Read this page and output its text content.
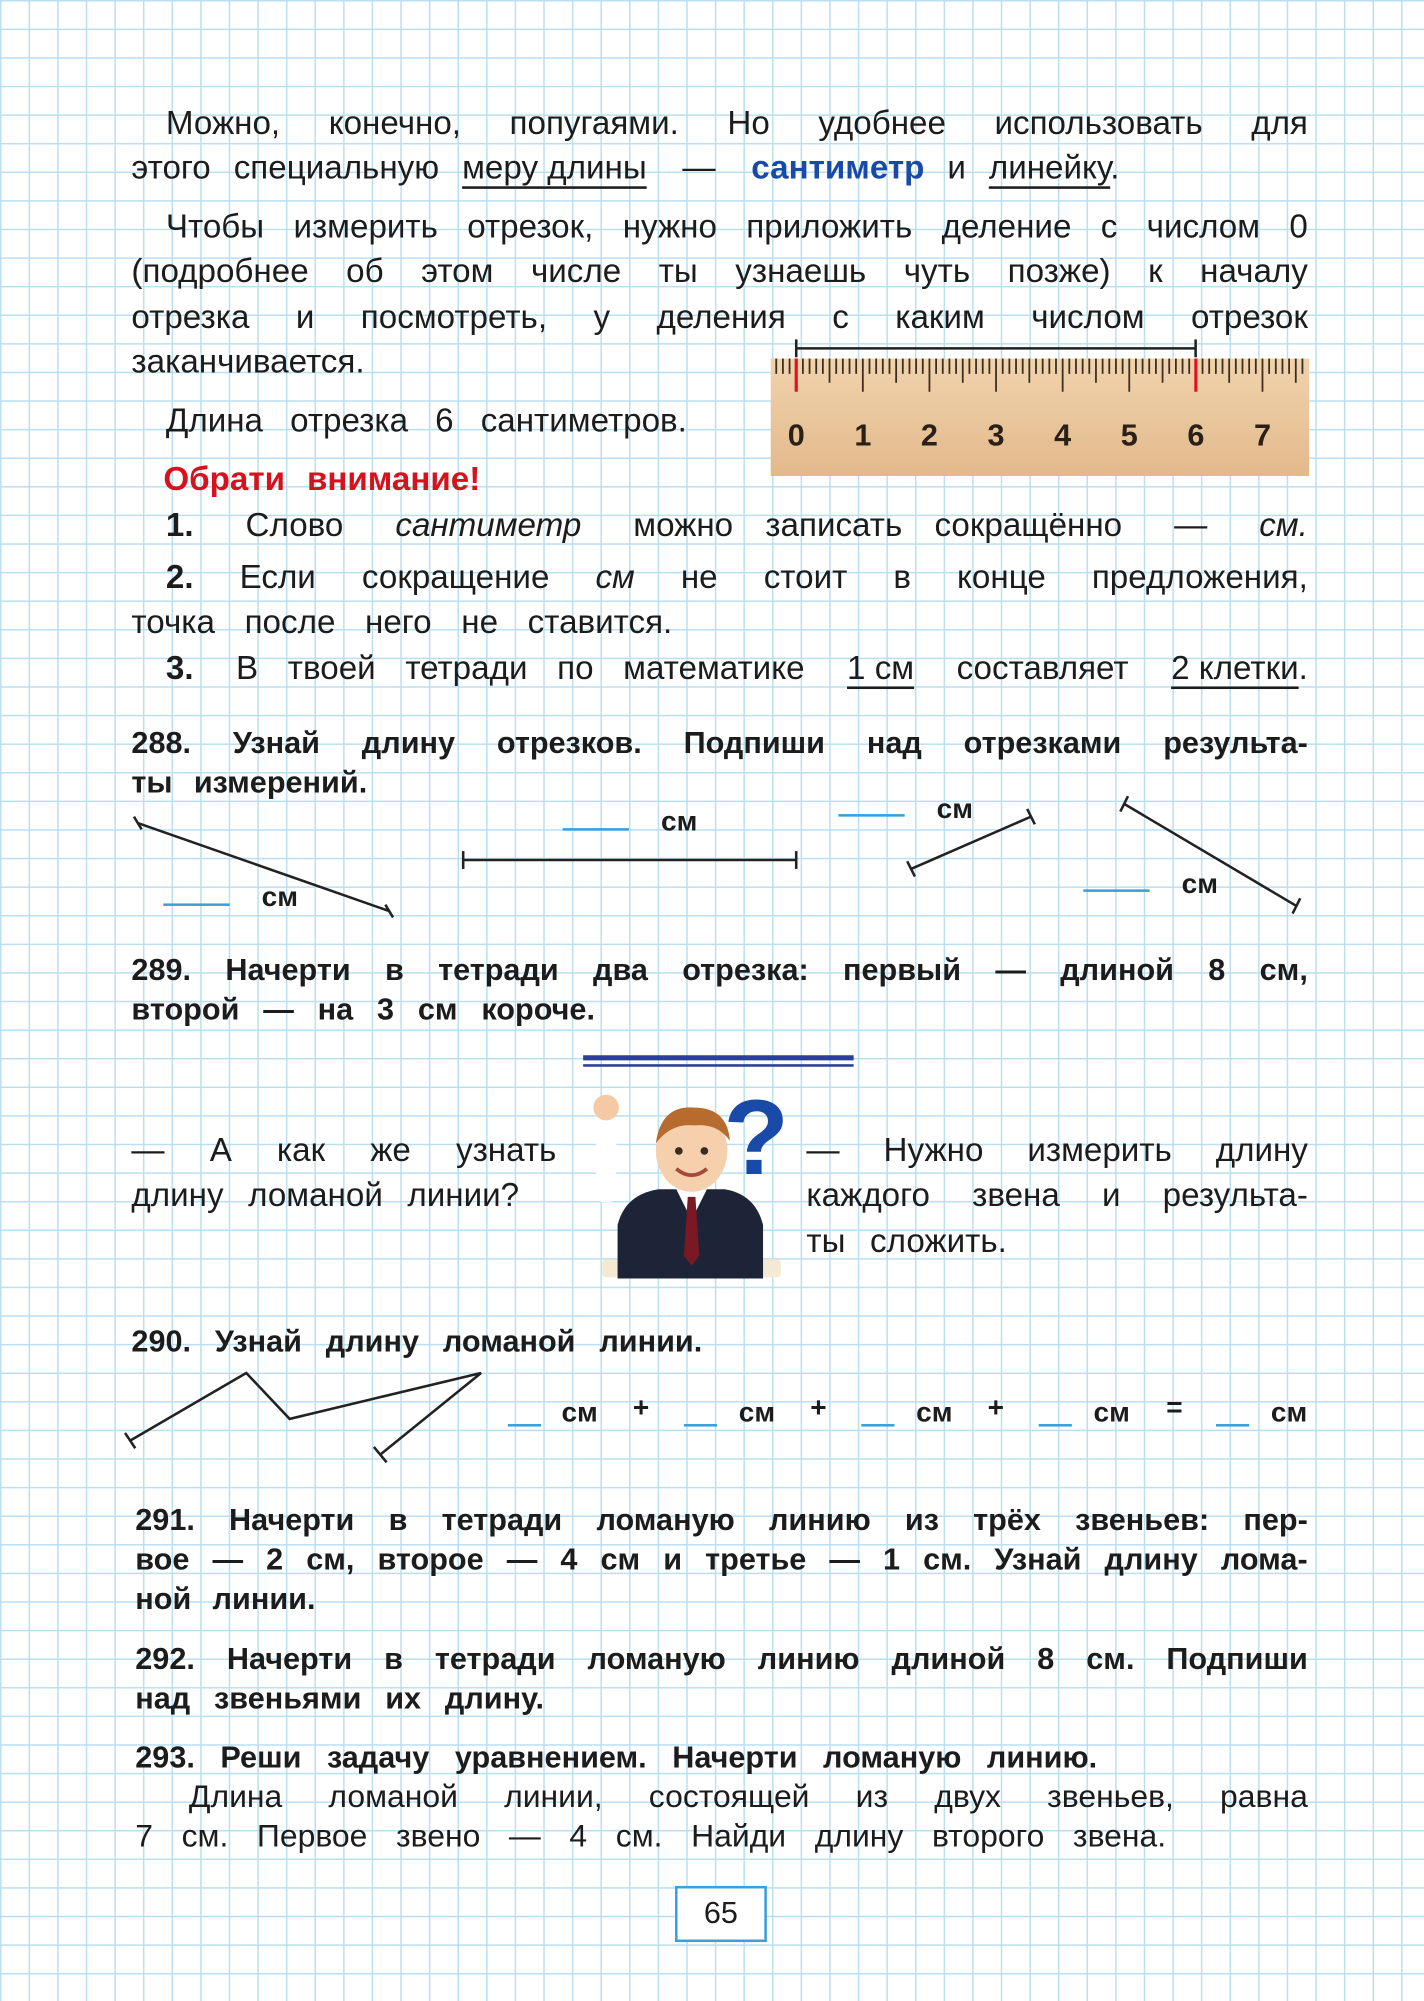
Можно, конечно, попугаями. Но удобнее использовать для
этого специальную меру длины — сантиметр и линейку.
Чтобы измерить отрезок, нужно приложить деление с числом 0
(подробнее об этом числе ты узнаешь чуть позже) к началу
отрезка и посмотреть, у деления с каким числом отрезок
заканчивается.
Длина отрезка 6 сантиметров.	0 1 2 3 4 5 6 7
Обрати внимание!
1. Слово сантиметр можно записать сокращённо — см.
2. Если сокращение см не стоит в конце предложения,
точка после него не ставится.
3. В твоей тетради по математике 1 см составляет 2 клетки.
288. Узнай длину отрезков. Подпиши над отрезками результа-
ты измерений.
см
см	см
см
289. Начерти в тетради два отрезка: первый — длиной 8 см,
второй — на 3 см короче.
— А как же узнать
длину ломаной линии?	? — Нужно измерить длину
каждого звена и результа-
ты сложить.
290. Узнай длину ломаной линии.
см +	см +	см +	см =	см
291. Начерти в тетради ломаную линию из трёх звеньев: пер-
вое — 2 см, второе — 4 см и третье — 1 см. Узнай длину лома-
ной линии.
292. Начерти в тетради ломаную линию длиной 8 см. Подпиши
над звеньями их длину.
293. Реши задачу уравнением. Начерти ломаную линию.
Длина ломаной линии, состоящей из двух звеньев, равна
7 см. Первое звено — 4 см. Найди длину второго звена.
65
